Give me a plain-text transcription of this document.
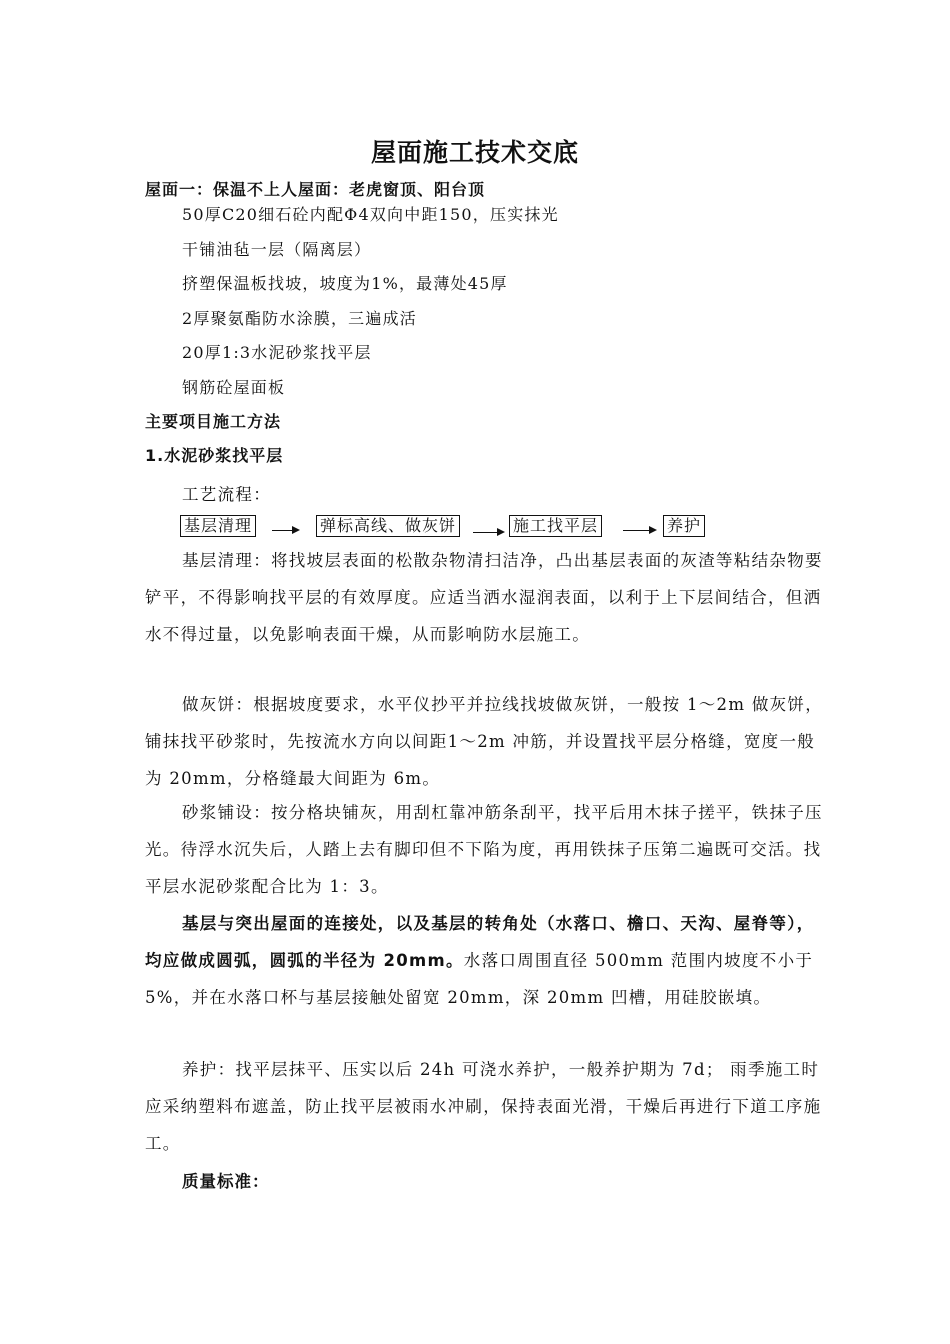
屋面施工技术交底
屋面一：保温不上人屋面：老虎窗顶、阳台顶
50厚C20细石砼内配Φ4双向中距150，压实抹光
干铺油毡一层（隔离层）
挤塑保温板找坡，坡度为1%，最薄处45厚
2厚聚氨酯防水涂膜，三遍成活
20厚1:3水泥砂浆找平层
钢筋砼屋面板
主要项目施工方法
1.水泥砂浆找平层
工艺流程：
基层清理	弹标高线、做灰饼	施工找平层	养护
基层清理：将找坡层表面的松散杂物清扫洁净，凸出基层表面的灰渣等粘结杂物要铲平，不得影响找平层的有效厚度。应适当洒水湿润表面，以利于上下层间结合，但洒水不得过量，以免影响表面干燥，从而影响防水层施工。
做灰饼：根据坡度要求，水平仪抄平并拉线找坡做灰饼，一般按 1～2m 做灰饼，铺抹找平砂浆时，先按流水方向以间距1～2m 冲筋，并设置找平层分格缝，宽度一般为 20mm，分格缝最大间距为 6m。
砂浆铺设：按分格块铺灰，用刮杠靠冲筋条刮平，找平后用木抹子搓平，铁抹子压光。待浮水沉失后，人踏上去有脚印但不下陷为度，再用铁抹子压第二遍既可交活。找平层水泥砂浆配合比为 1：3。
基层与突出屋面的连接处，以及基层的转角处（水落口、檐口、天沟、屋脊等），均应做成圆弧，圆弧的半径为 20mm。水落口周围直径 500mm 范围内坡度不小于 5%，并在水落口杯与基层接触处留宽 20mm，深 20mm 凹槽，用硅胶嵌填。
养护：找平层抹平、压实以后 24h 可浇水养护，一般养护期为 7d； 雨季施工时应采纳塑料布遮盖，防止找平层被雨水冲刷，保持表面光滑，干燥后再进行下道工序施工。
质量标准：
